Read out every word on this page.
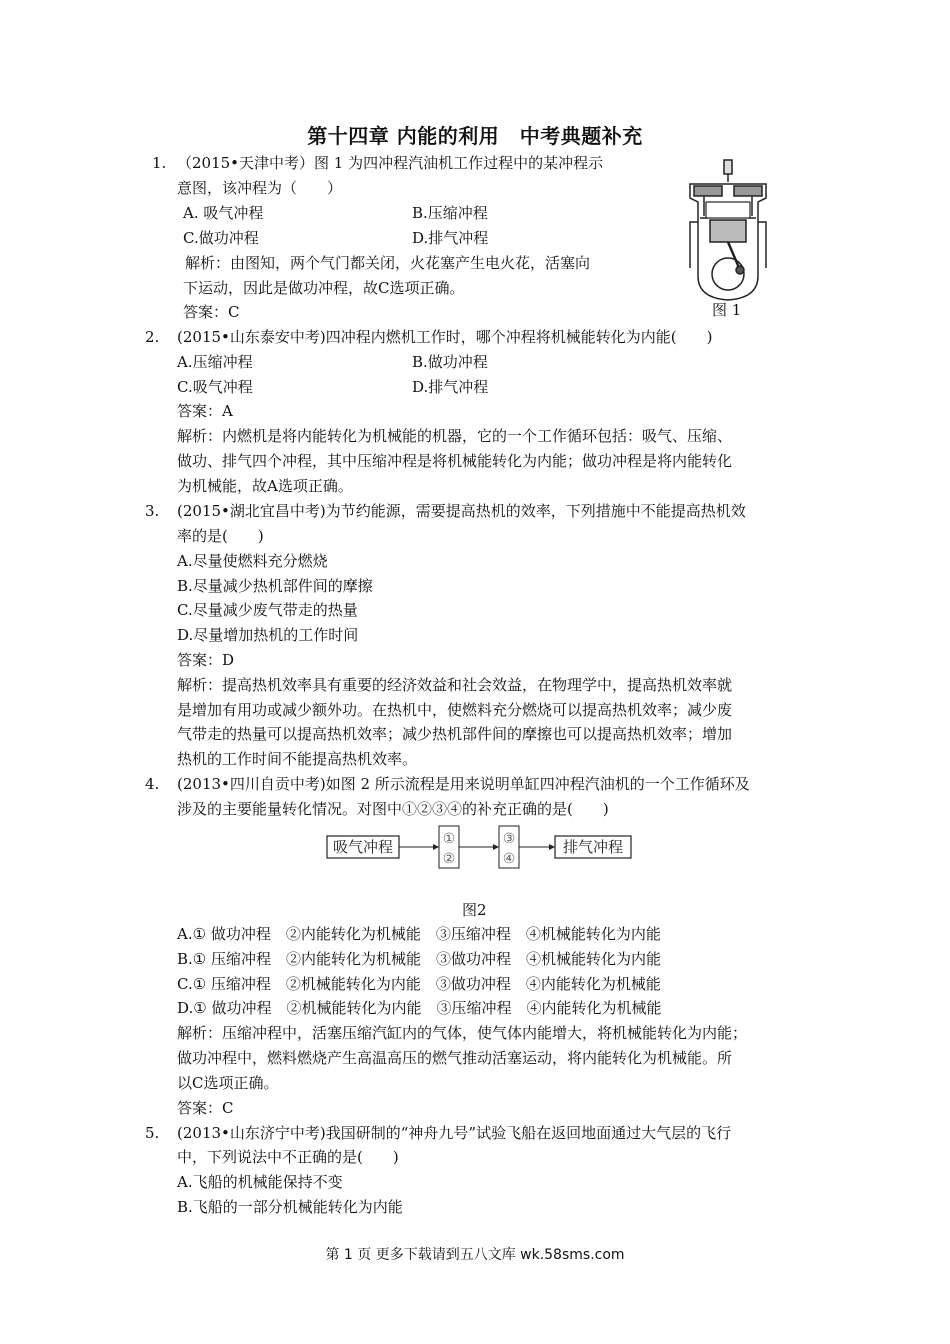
第十四章 内能的利用　中考典题补充
1. （2015•天津中考）图 1 为四冲程汽油机工作过程中的某冲程示
意图，该冲程为（　　）
A. 吸气冲程	B.压缩冲程
C.做功冲程	D.排气冲程
解析：由图知，两个气门都关闭，火花塞产生电火花，活塞向
下运动，因此是做功冲程，故C选项正确。
答案：C	图 1
2. (2015•山东泰安中考)四冲程内燃机工作时，哪个冲程将机械能转化为内能(　　)
A.压缩冲程	B.做功冲程
C.吸气冲程	D.排气冲程
答案：A
解析：内燃机是将内能转化为机械能的机器，它的一个工作循环包括：吸气、压缩、
做功、排气四个冲程，其中压缩冲程是将机械能转化为内能；做功冲程是将内能转化
为机械能，故A选项正确。
3. (2015•湖北宜昌中考)为节约能源，需要提高热机的效率，下列措施中不能提高热机效
率的是(　　)
A.尽量使燃料充分燃烧
B.尽量减少热机部件间的摩擦
C.尽量减少废气带走的热量
D.尽量增加热机的工作时间
答案：D
解析：提高热机效率具有重要的经济效益和社会效益，在物理学中，提高热机效率就
是增加有用功或减少额外功。在热机中，使燃料充分燃烧可以提高热机效率；减少废
气带走的热量可以提高热机效率；减少热机部件间的摩擦也可以提高热机效率；增加
热机的工作时间不能提高热机效率。
4. (2013•四川自贡中考)如图 2 所示流程是用来说明单缸四冲程汽油机的一个工作循环及
涉及的主要能量转化情况。对图中①②③④的补充正确的是(　　)
吸气冲程	①
②
③
④
排气冲程
图2
A.① 做功冲程　②内能转化为机械能　③压缩冲程　④机械能转化为内能
B.① 压缩冲程　②内能转化为机械能　③做功冲程　④机械能转化为内能
C.① 压缩冲程　②机械能转化为内能　③做功冲程　④内能转化为机械能
D.① 做功冲程　②机械能转化为内能　③压缩冲程　④内能转化为机械能
解析：压缩冲程中，活塞压缩汽缸内的气体，使气体内能增大，将机械能转化为内能；
做功冲程中，燃料燃烧产生高温高压的燃气推动活塞运动，将内能转化为机械能。所
以C选项正确。
答案：C
5. (2013•山东济宁中考)我国研制的“神舟九号”试验飞船在返回地面通过大气层的飞行
中，下列说法中不正确的是(　　)
A.飞船的机械能保持不变
B.飞船的一部分机械能转化为内能
第 1 页 更多下载请到五八文库 wk.58sms.com
